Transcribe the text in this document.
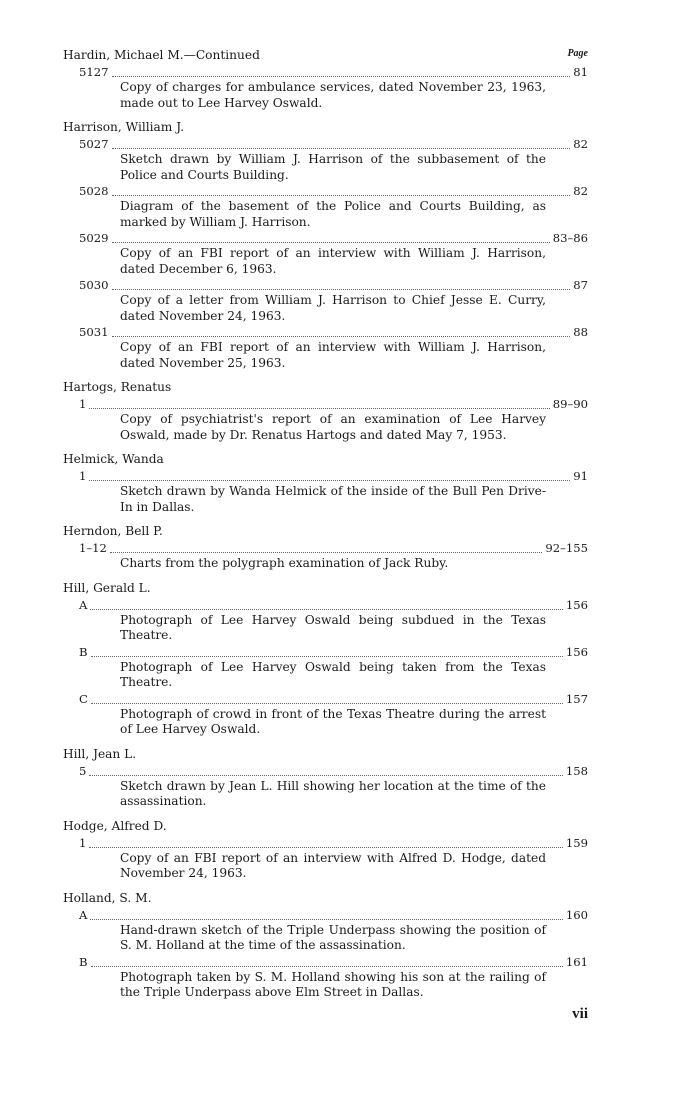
Page
Hardin, Michael M.—Continued
5127	81
Copy of charges for ambulance services, dated November 23, 1963, made out to Lee Harvey Oswald.
Harrison, William J.
5027	82
Sketch drawn by William J. Harrison of the subbasement of the Police and Courts Building.
5028	82
Diagram of the basement of the Police and Courts Building, as marked by William J. Harrison.
5029	83–86
Copy of an FBI report of an interview with William J. Harrison, dated December 6, 1963.
5030	87
Copy of a letter from William J. Harrison to Chief Jesse E. Curry, dated November 24, 1963.
5031	88
Copy of an FBI report of an interview with William J. Harrison, dated November 25, 1963.
Hartogs, Renatus
1	89–90
Copy of psychiatrist's report of an examination of Lee Harvey Oswald, made by Dr. Renatus Hartogs and dated May 7, 1953.
Helmick, Wanda
1	91
Sketch drawn by Wanda Helmick of the inside of the Bull Pen Drive-In in Dallas.
Herndon, Bell P.
1–12	92–155
Charts from the polygraph examination of Jack Ruby.
Hill, Gerald L.
A	156
Photograph of Lee Harvey Oswald being subdued in the Texas Theatre.
B	156
Photograph of Lee Harvey Oswald being taken from the Texas Theatre.
C	157
Photograph of crowd in front of the Texas Theatre during the arrest of Lee Harvey Oswald.
Hill, Jean L.
5	158
Sketch drawn by Jean L. Hill showing her location at the time of the assassination.
Hodge, Alfred D.
1	159
Copy of an FBI report of an interview with Alfred D. Hodge, dated November 24, 1963.
Holland, S. M.
A	160
Hand-drawn sketch of the Triple Underpass showing the position of S. M. Holland at the time of the assassination.
B	161
Photograph taken by S. M. Holland showing his son at the railing of the Triple Underpass above Elm Street in Dallas.
vii
